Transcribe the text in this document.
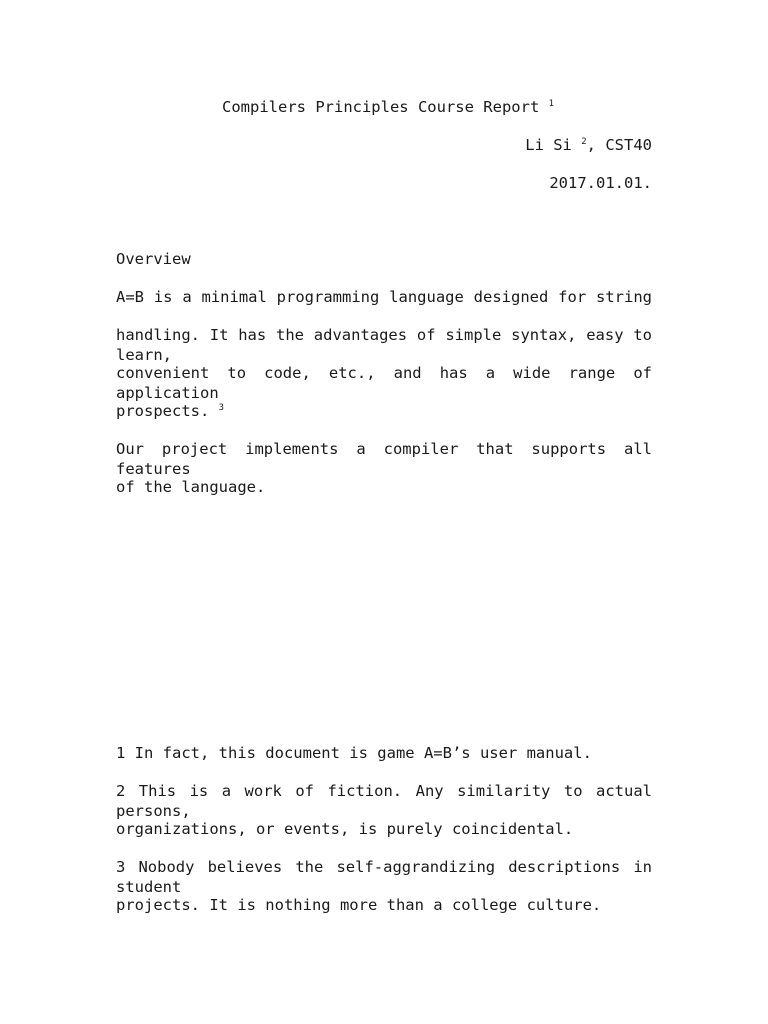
Compilers Principles Course Report $^1$
Li Si $^2$, CST40
2017.01.01.
Overview
A=B is a minimal programming language designed for string
handling. It has the advantages of simple syntax, easy to learn,
convenient to code, etc., and has a wide range of application
prospects. $^3$
Our project implements a compiler that supports all features
of the language.
1 In fact, this document is game A=B’s user manual.
2 This is a work of fiction. Any similarity to actual persons,
organizations, or events, is purely coincidental.
3 Nobody believes the self-aggrandizing descriptions in student
projects. It is nothing more than a college culture.
